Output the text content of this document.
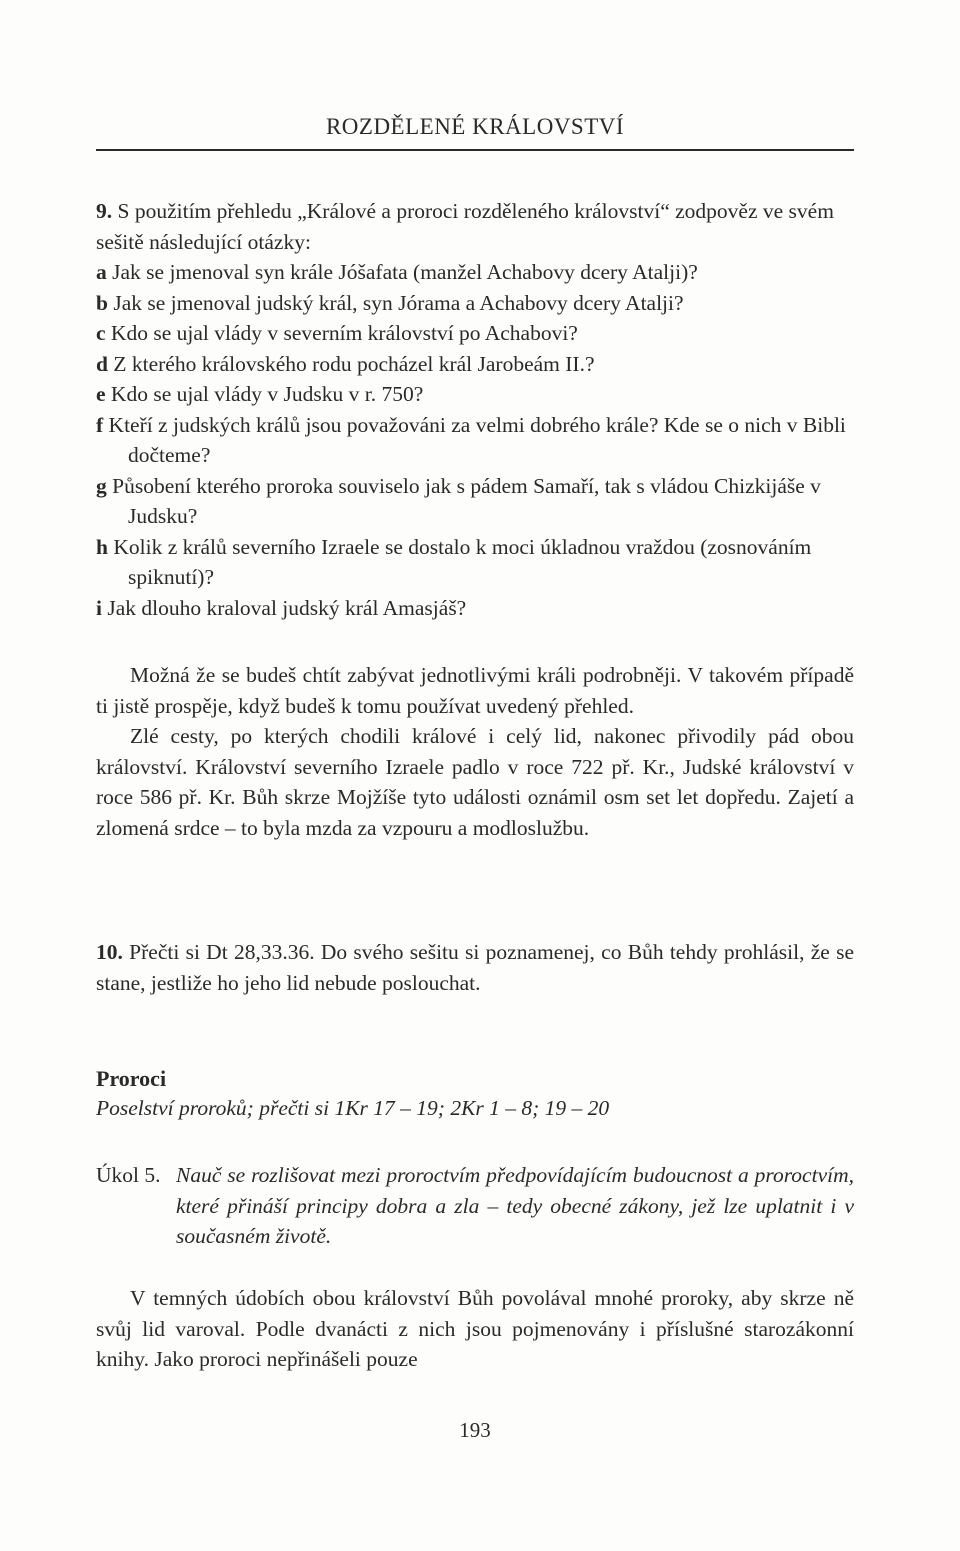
ROZDĚLENÉ KRÁLOVSTVÍ

9. S použitím přehledu „Králové a proroci rozděleného království“ zodpověz ve svém sešitě následující otázky:

a Jak se jmenoval syn krále Jóšafata (manžel Achabovy dcery Atalji)?
b Jak se jmenoval judský král, syn Jórama a Achabovy dcery Atalji?
c Kdo se ujal vlády v severním království po Achabovi?
d Z kterého královského rodu pocházel král Jarobeám II.?
e Kdo se ujal vlády v Judsku v r. 750?
f Kteří z judských králů jsou považováni za velmi dobrého krále? Kde se o nich v Bibli dočteme?
g Působení kterého proroka souviselo jak s pádem Samaří, tak s vládou Chizkijáše v Judsku?
h Kolik z králů severního Izraele se dostalo k moci úkladnou vraždou (zosnováním spiknutí)?
i Jak dlouho kraloval judský král Amasjáš?

Možná že se budeš chtít zabývat jednotlivými králi podrobněji. V takovém případě ti jistě prospěje, když budeš k tomu používat uvedený přehled.

Zlé cesty, po kterých chodili králové i celý lid, nakonec přivodily pád obou království. Království severního Izraele padlo v roce 722 př. Kr., Judské království v roce 586 př. Kr. Bůh skrze Mojžíše tyto události oznámil osm set let dopředu. Zajetí a zlomená srdce – to byla mzda za vzpouru a modloslužbu.

10. Přečti si Dt 28,33.36. Do svého sešitu si poznamenej, co Bůh tehdy prohlásil, že se stane, jestliže ho jeho lid nebude poslouchat.

Proroci
Poselství proroků; přečti si 1Kr 17 – 19; 2Kr 1 – 8; 19 – 20
Úkol 5. Nauč se rozlišovat mezi proroctvím předpovídajícím budoucnost a proroctvím, které přináší principy dobra a zla – tedy obecné zákony, jež lze uplatnit i v současném životě.

V temných údobích obou království Bůh povolával mnohé proroky, aby skrze ně svůj lid varoval. Podle dvanácti z nich jsou pojmenovány i příslušné starozákonní knihy. Jako proroci nepřinášeli pouze

193
